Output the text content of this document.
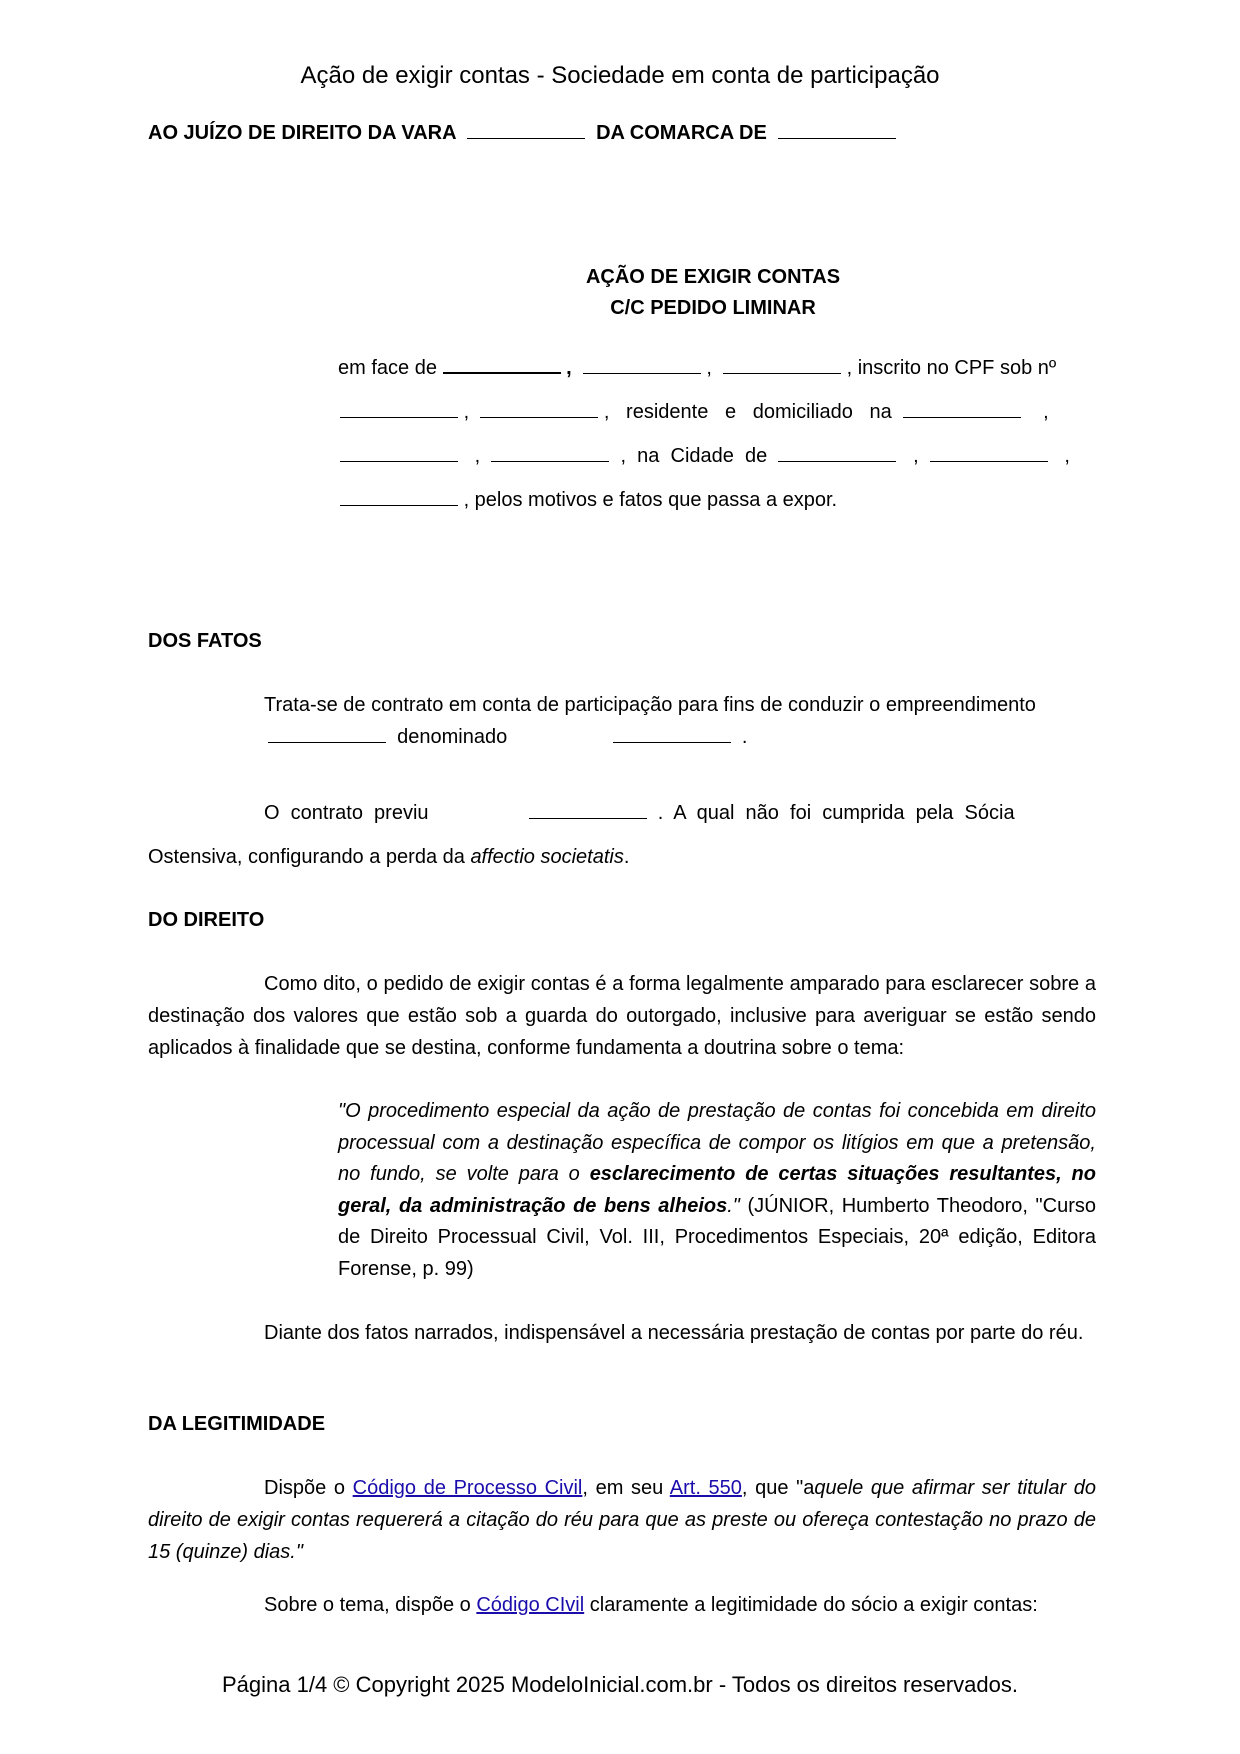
Ação de exigir contas - Sociedade em conta de participação
AO JUÍZO DE DIREITO DA VARA	DA COMARCA DE
AÇÃO DE EXIGIR CONTAS
C/C PEDIDO LIMINAR
em face de	,	,	, inscrito no CPF sob nº
,	,   residente   e   domiciliado   na	,
,	,  na  Cidade  de	,	,
, pelos motivos e fatos que passa a expor.
DOS FATOS
Trata-se de contrato em conta de participação para fins de conduzir o empreendimento
denominado	.
O  contrato  previu	.  A  qual  não  foi  cumprida  pela  Sócia
Ostensiva, configurando a perda da affectio societatis.
DO DIREITO
Como dito, o pedido de exigir contas é a forma legalmente amparado para esclarecer sobre a destinação dos valores que estão sob a guarda do outorgado, inclusive para averiguar se estão sendo aplicados à finalidade que se destina, conforme fundamenta a doutrina sobre o tema:
"O procedimento especial da ação de prestação de contas foi concebida em direito processual com a destinação específica de compor os litígios em que a pretensão, no fundo, se volte para o esclarecimento de certas situações resultantes, no geral, da administração de bens alheios." (JÚNIOR, Humberto Theodoro, "Curso de Direito Processual Civil, Vol. III, Procedimentos Especiais, 20ª edição, Editora Forense, p. 99)
Diante dos fatos narrados, indispensável a necessária prestação de contas por parte do réu.
DA LEGITIMIDADE
Dispõe o Código de Processo Civil, em seu Art. 550, que "aquele que afirmar ser titular do direito de exigir contas requererá a citação do réu para que as preste ou ofereça contestação no prazo de 15 (quinze) dias."
Sobre o tema, dispõe o Código CIvil claramente a legitimidade do sócio a exigir contas:
Página 1/4 © Copyright 2025 ModeloInicial.com.br - Todos os direitos reservados.
